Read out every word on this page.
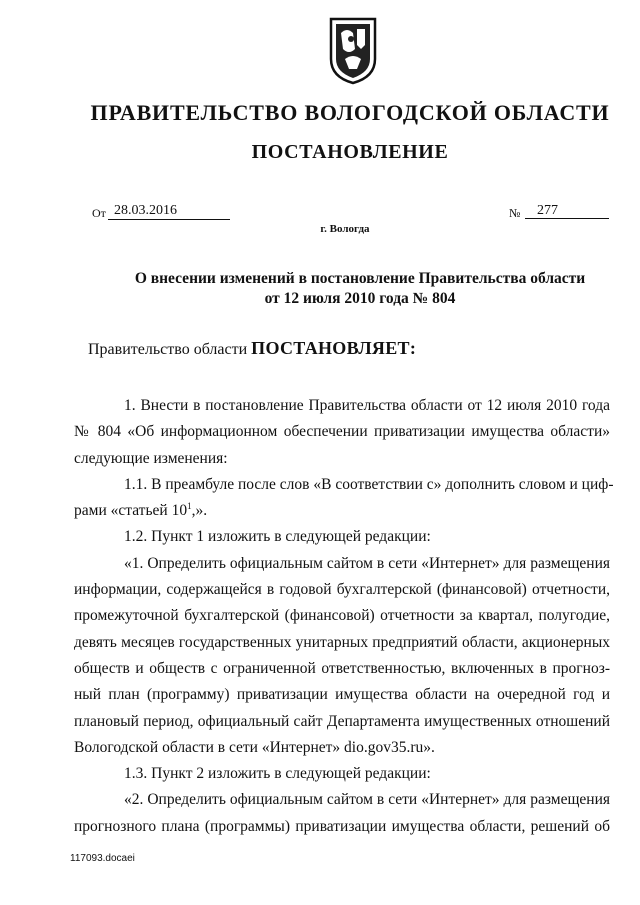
ПРАВИТЕЛЬСТВО ВОЛОГОДСКОЙ ОБЛАСТИ
ПОСТАНОВЛЕНИЕ
От 28.03.2016	№	277
г. Вологда
О внесении изменений в постановление Правительства области
от 12 июля 2010 года № 804
Правительство области ПОСТАНОВЛЯЕТ:
1. Внести в постановление Правительства области от 12 июля 2010 года
№ 804 «Об информационном обеспечении приватизации имущества области»
следующие изменения:
1.1. В преамбуле после слов «В соответствии с» дополнить словом и циф-
рами «статьей $10^1$,».
1.2. Пункт 1 изложить в следующей редакции:
«1. Определить официальным сайтом в сети «Интернет» для размещения
информации, содержащейся в годовой бухгалтерской (финансовой) отчетности,
промежуточной бухгалтерской (финансовой) отчетности за квартал, полугодие,
девять месяцев государственных унитарных предприятий области, акционерных
обществ и обществ с ограниченной ответственностью, включенных в прогноз-
ный план (программу) приватизации имущества области на очередной год и
плановый период, официальный сайт Департамента имущественных отношений
Вологодской области в сети «Интернет» dio.gov35.ru».
1.3. Пункт 2 изложить в следующей редакции:
«2. Определить официальным сайтом в сети «Интернет» для размещения
прогнозного плана (программы) приватизации имущества области, решений об
117093.docaei
